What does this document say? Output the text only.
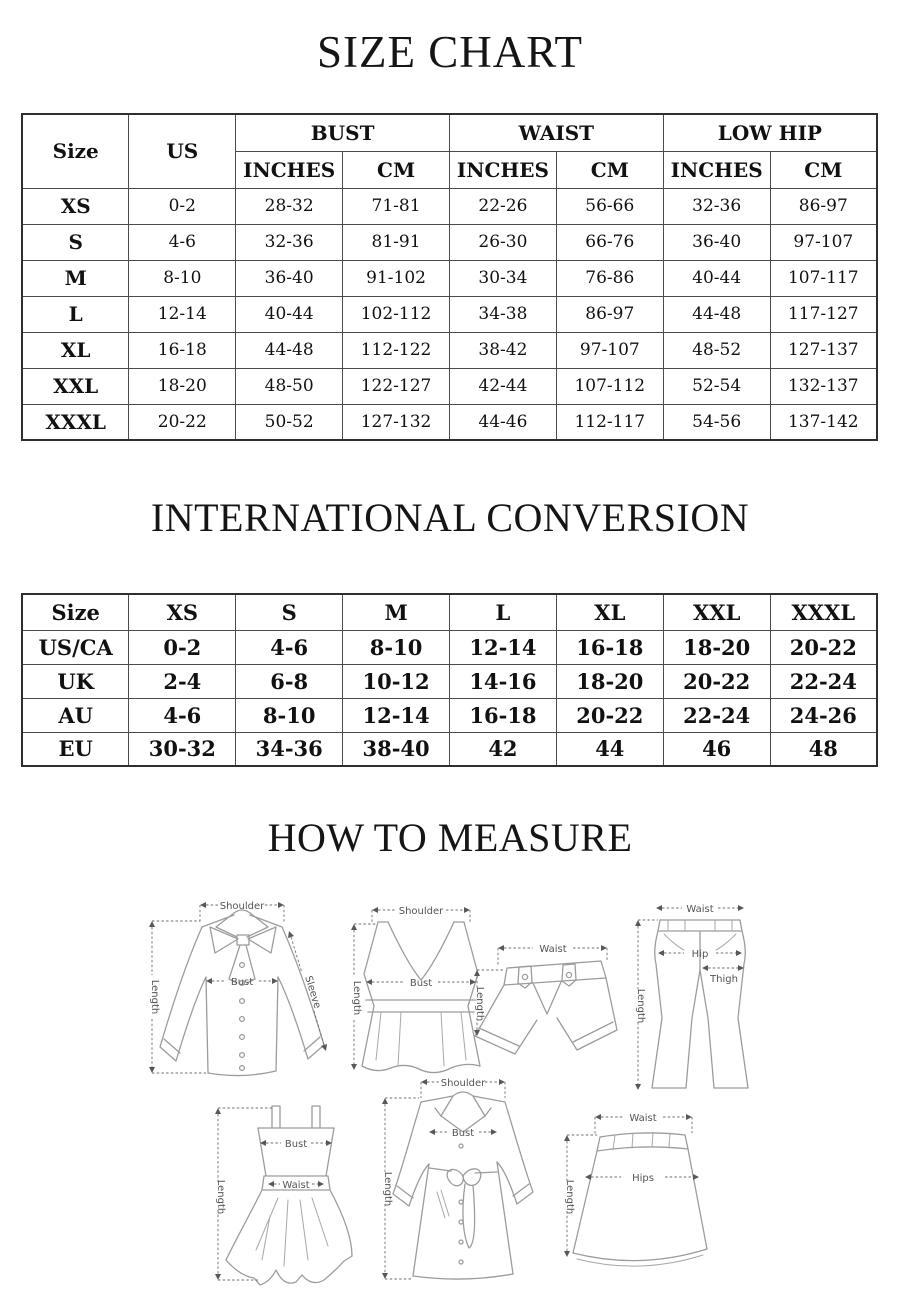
SIZE CHART
Size	US	BUST		WAIST		LOW HIP	
		INCHES	CM	INCHES	CM	INCHES	CM
XS	0-2	28-32	71-81	22-26	56-66	32-36	86-97
S	4-6	32-36	81-91	26-30	66-76	36-40	97-107
M	8-10	36-40	91-102	30-34	76-86	40-44	107-117
L	12-14	40-44	102-112	34-38	86-97	44-48	117-127
XL	16-18	44-48	112-122	38-42	97-107	48-52	127-137
XXL	18-20	48-50	122-127	42-44	107-112	52-54	132-137
XXXL	20-22	50-52	127-132	44-46	112-117	54-56	137-142
INTERNATIONAL CONVERSION
Size	XS	S	M	L	XL	XXL	XXXL
US/CA	0-2	4-6	8-10	12-14	16-18	18-20	20-22
UK	2-4	6-8	10-12	14-16	18-20	20-22	22-24
AU	4-6	8-10	12-14	16-18	20-22	22-24	24-26
EU	30-32	34-36	38-40	42	44	46	48
HOW TO MEASURE
Shoulder
Length	Bust	Sleeve
Shoulder
Length	Bust
Waist
Length
Waist
Hip
Thigh
Length
Bust
Waist
Length
Shoulder
Bust
Length
Waist
Hips
Length
